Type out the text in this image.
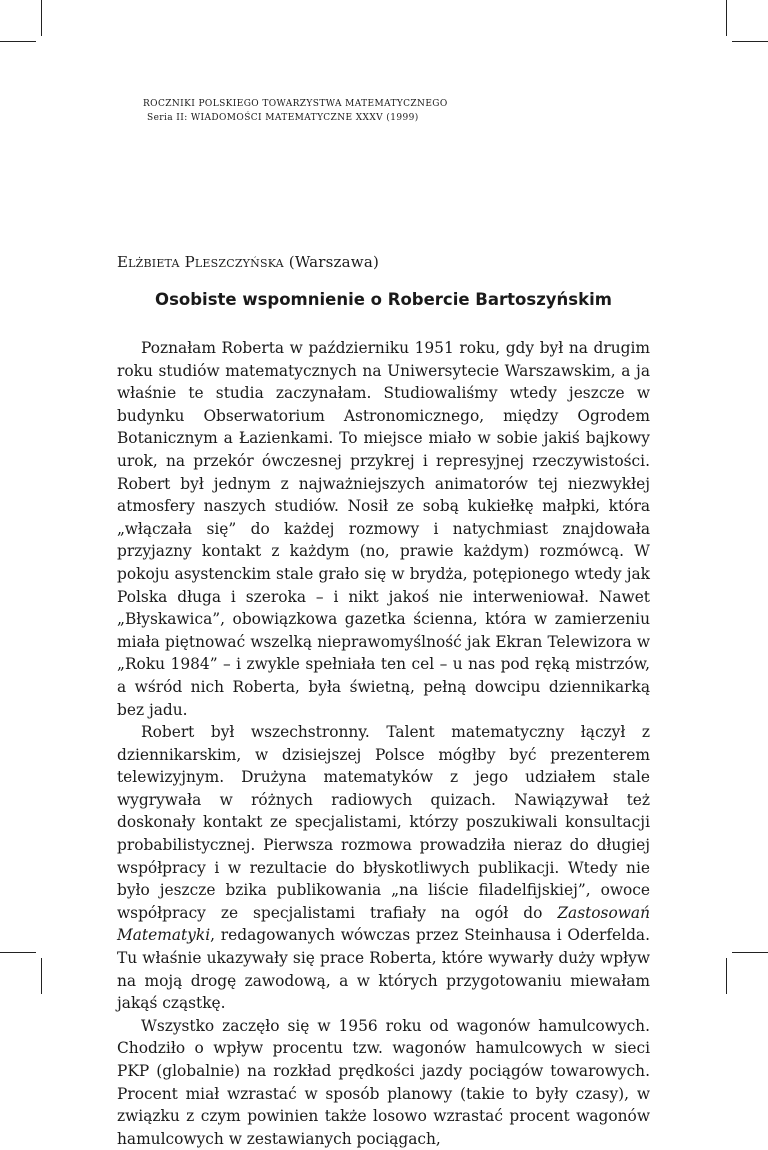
ROCZNIKI POLSKIEGO TOWARZYSTWA MATEMATYCZNEGO
Seria II: WIADOMOŚCI MATEMATYCZNE XXXV (1999)
Elżbieta Pleszczyńska (Warszawa)
Osobiste wspomnienie o Robercie Bartoszyńskim

Poznałam Roberta w październiku 1951 roku, gdy był na drugim roku studiów matematycznych na Uniwersytecie Warszawskim, a ja właśnie te studia zaczynałam. Studiowaliśmy wtedy jeszcze w budynku Obserwatorium Astronomicznego, między Ogrodem Botanicznym a Łazienkami. To miejsce miało w sobie jakiś bajkowy urok, na przekór ówczesnej przykrej i represyjnej rzeczywistości. Robert był jednym z najważniejszych animatorów tej niezwykłej atmosfery naszych studiów. Nosił ze sobą kukiełkę małpki, która „włączała się” do każdej rozmowy i natychmiast znajdowała przyjazny kontakt z każdym (no, prawie każdym) rozmówcą. W pokoju asystenckim stale grało się w brydża, potępionego wtedy jak Polska długa i szeroka – i nikt jakoś nie interweniował. Nawet „Błyskawica”, obowiązkowa gazetka ścienna, która w zamierzeniu miała piętnować wszelką nieprawomyślność jak Ekran Telewizora w „Roku 1984” – i zwykle spełniała ten cel – u nas pod ręką mistrzów, a wśród nich Roberta, była świetną, pełną dowcipu dziennikarką bez jadu.

Robert był wszechstronny. Talent matematyczny łączył z dziennikarskim, w dzisiejszej Polsce mógłby być prezenterem telewizyjnym. Drużyna matematyków z jego udziałem stale wygrywała w różnych radiowych quizach. Nawiązywał też doskonały kontakt ze specjalistami, którzy poszukiwali konsultacji probabilistycznej. Pierwsza rozmowa prowadziła nieraz do długiej współpracy i w rezultacie do błyskotliwych publikacji. Wtedy nie było jeszcze bzika publikowania „na liście filadelfijskiej”, owoce współpracy ze specjalistami trafiały na ogół do Zastosowań Matematyki, redagowanych wówczas przez Steinhausa i Oderfelda. Tu właśnie ukazywały się prace Roberta, które wywarły duży wpływ na moją drogę zawodową, a w których przygotowaniu miewałam jakąś cząstkę.

Wszystko zaczęło się w 1956 roku od wagonów hamulcowych. Chodziło o wpływ procentu tzw. wagonów hamulcowych w sieci PKP (globalnie) na rozkład prędkości jazdy pociągów towarowych. Procent miał wzrastać w sposób planowy (takie to były czasy), w związku z czym powinien także losowo wzrastać procent wagonów hamulcowych w zestawianych pociągach,
